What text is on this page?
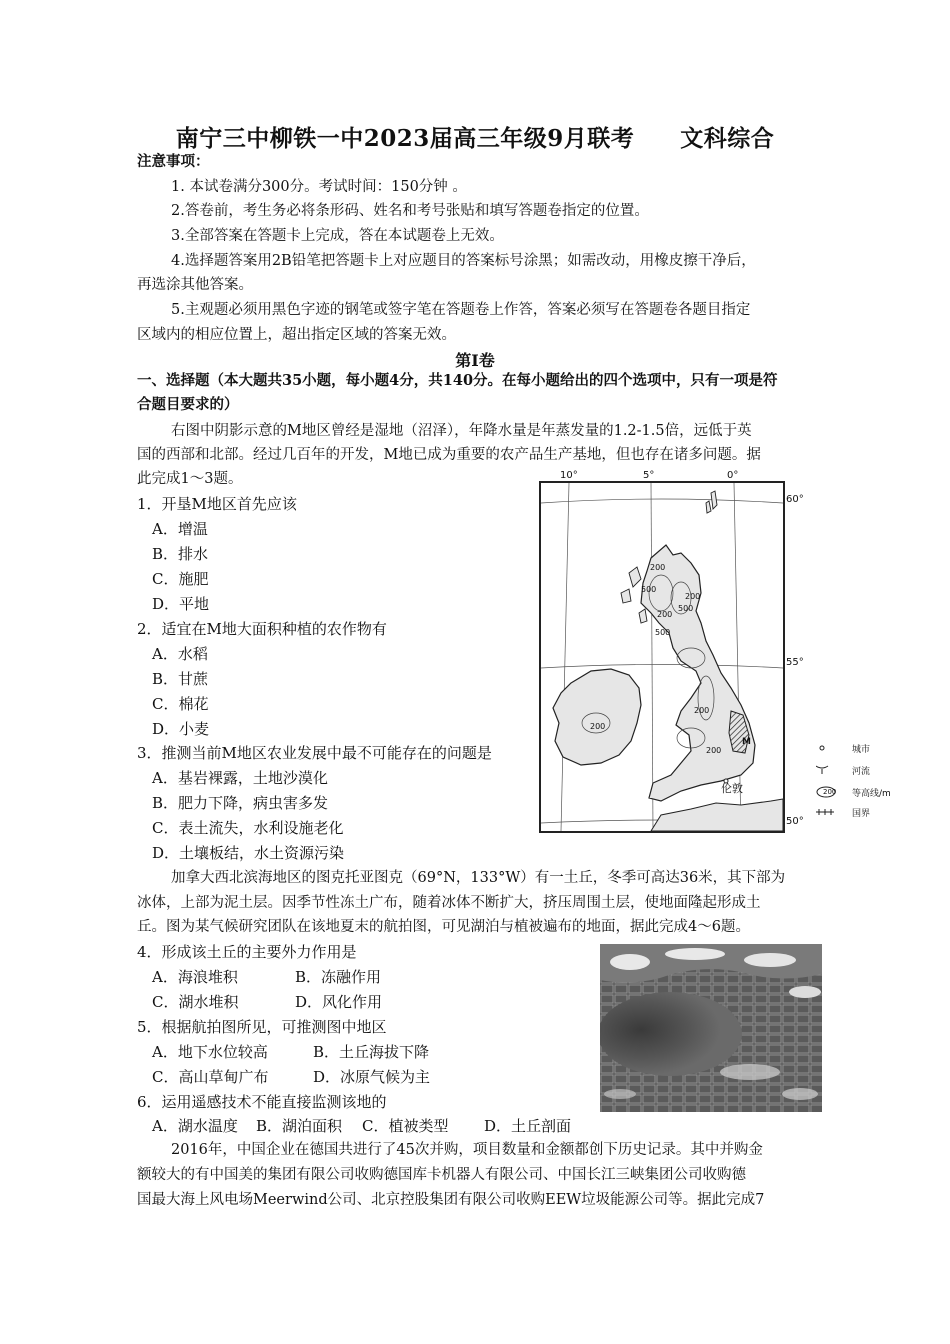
南宁三中柳铁一中2023届高三年级9月联考 文科综合
注意事项：
1. 本试卷满分300分。考试时间：150分钟 。
2.答卷前，考生务必将条形码、姓名和考号张贴和填写答题卷指定的位置。
3.全部答案在答题卡上完成，答在本试题卷上无效。
4.选择题答案用2B铅笔把答题卡上对应题目的答案标号涂黑；如需改动，用橡皮擦干净后，
再选涂其他答案。
5.主观题必须用黑色字迹的钢笔或签字笔在答题卷上作答，答案必须写在答题卷各题目指定
区域内的相应位置上，超出指定区域的答案无效。
第Ⅰ卷
一、选择题（本大题共35小题，每小题4分，共140分。在每小题给出的四个选项中，只有一项是符
合题目要求的）
右图中阴影示意的M地区曾经是湿地（沼泽），年降水量是年蒸发量的1.2-1.5倍，远低于英
国的西部和北部。经过几百年的开发，M地已成为重要的农产品生产基地，但也存在诸多问题。据
此完成1～3题。
1．开垦M地区首先应该
A．增温
B．排水
C．施肥
D．平地
2．适宜在M地大面积种植的农作物有
A．水稻
B．甘蔗
C．棉花
D．小麦
3．推测当前M地区农业发展中最不可能存在的问题是
A．基岩裸露，土地沙漠化
B．肥力下降，病虫害多发
C．表土流失，水利设施老化
D．土壤板结，水土资源污染
10°	5°	0°
60°
55°
50°
200
500
500
200
200
500
200
200
200
M
伦敦	200
城市
河流
等高线/m
国界
加拿大西北滨海地区的图克托亚图克（69°N，133°W）有一土丘，冬季可高达36米，其下部为
冰体，上部为泥土层。因季节性冻土广布，随着冰体不断扩大，挤压周围土层，使地面隆起形成土
丘。图为某气候研究团队在该地夏末的航拍图，可见湖泊与植被遍布的地面，据此完成4～6题。
4．形成该土丘的主要外力作用是
A．海浪堆积	B．冻融作用
C．湖水堆积	D．风化作用
5．根据航拍图所见，可推测图中地区
A．地下水位较高	B．土丘海拔下降
C．高山草甸广布	D．冰原气候为主
6．运用遥感技术不能直接监测该地的
A．湖水温度 B．湖泊面积 C．植被类型 D．土丘剖面
2016年，中国企业在德国共进行了45次并购，项目数量和金额都创下历史记录。其中并购金
额较大的有中国美的集团有限公司收购德国库卡机器人有限公司、中国长江三峡集团公司收购德
国最大海上风电场Meerwind公司、北京控股集团有限公司收购EEW垃圾能源公司等。据此完成7
